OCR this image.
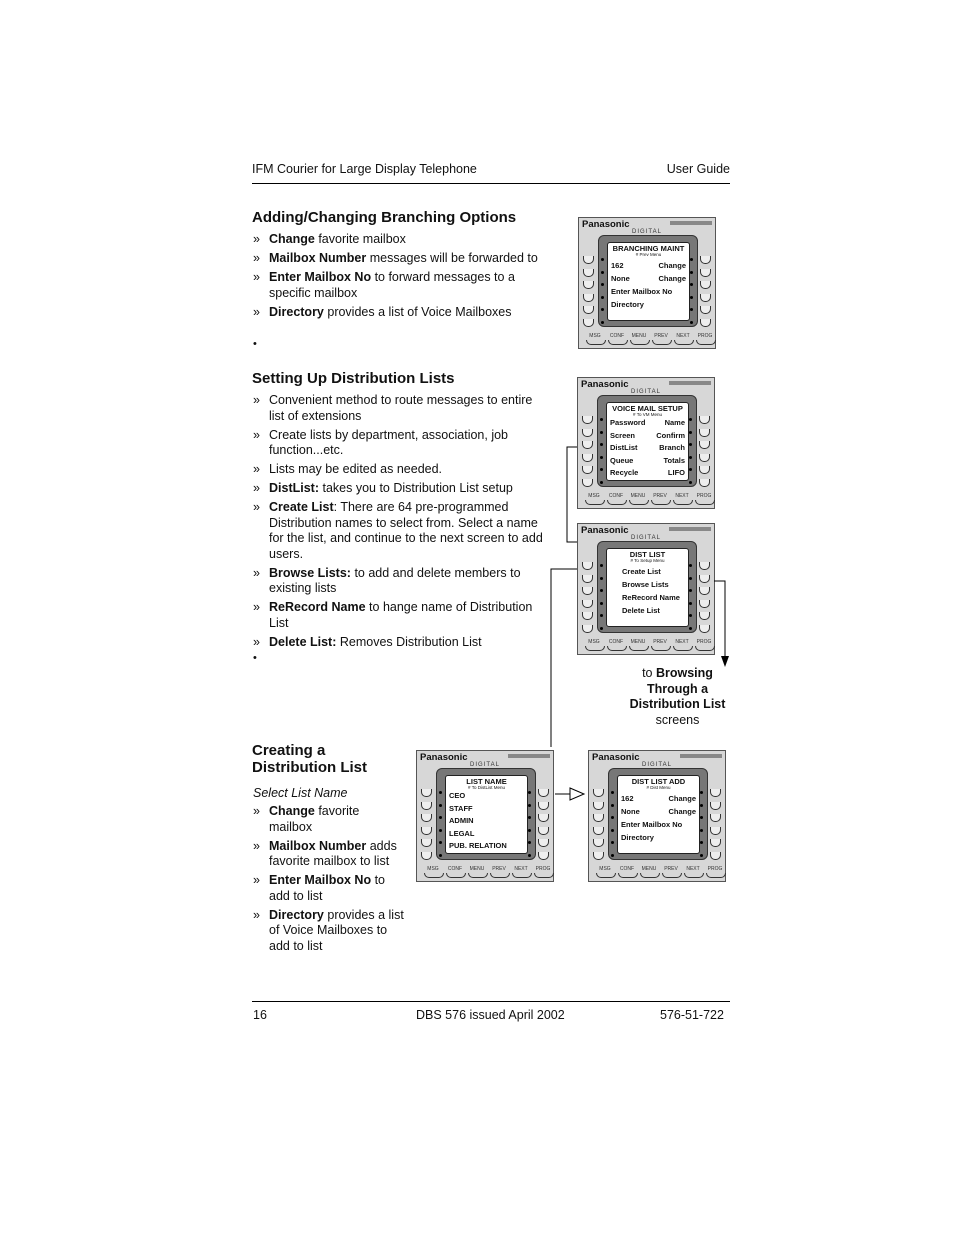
IFM Courier for Large Display Telephone	User Guide
Adding/Changing Branching Options
» Change favorite mailbox
» Mailbox Number messages will be forwarded to
» Enter Mailbox No to forward messages to a specific mailbox
» Directory provides a list of Voice Mailboxes
•
Setting Up Distribution Lists
» Convenient method to route messages to entire list of extensions
» Create lists by department, association, job function...etc.
» Lists may be edited as needed.
» DistList: takes you to Distribution List setup
» Create List: There are 64 pre-programmed Distribution names to select from. Select a name for the list, and continue to the next screen to add users.
» Browse Lists: to add and delete members to existing lists
» ReRecord Name to hange name of Distribution List
» Delete List: Removes Distribution List
•
Creating a
Distribution List
Select List Name
» Change favorite mailbox
» Mailbox Number adds favorite mailbox to list
» Enter Mailbox No to add to list
» Directory provides a list of Voice Mailboxes to add to list
Panasonic
DIGITAL
BRANCHING MAINT
# Prev Menu
162	Change
None	Change
Enter Mailbox No
Directory
MSG	CONF	MENU	PREV	NEXT	PROG
Panasonic
DIGITAL
VOICE MAIL SETUP
# To VM Menu
Password	Name
Screen	Confirm
DistList	Branch
Queue	Totals
Recycle	LIFO
MSG	CONF	MENU	PREV	NEXT	PROG
Panasonic
DIGITAL
DIST LIST
# To Setup Menu
Create List
Browse Lists
ReRecord Name
Delete List
MSG	CONF	MENU	PREV	NEXT	PROG
Panasonic
DIGITAL
LIST NAME
# To DistList Menu
CEO
STAFF
ADMIN
LEGAL
PUB. RELATION
MSG	CONF	MENU	PREV	NEXT	PROG
Panasonic
DIGITAL
DIST LIST ADD
# Dist Menu
162	Change
None	Change
Enter Mailbox No
Directory
MSG	CONF	MENU	PREV	NEXT	PROG
to Browsing
Through a
Distribution List
screens
16	DBS 576 issued April 2002	576-51-722
